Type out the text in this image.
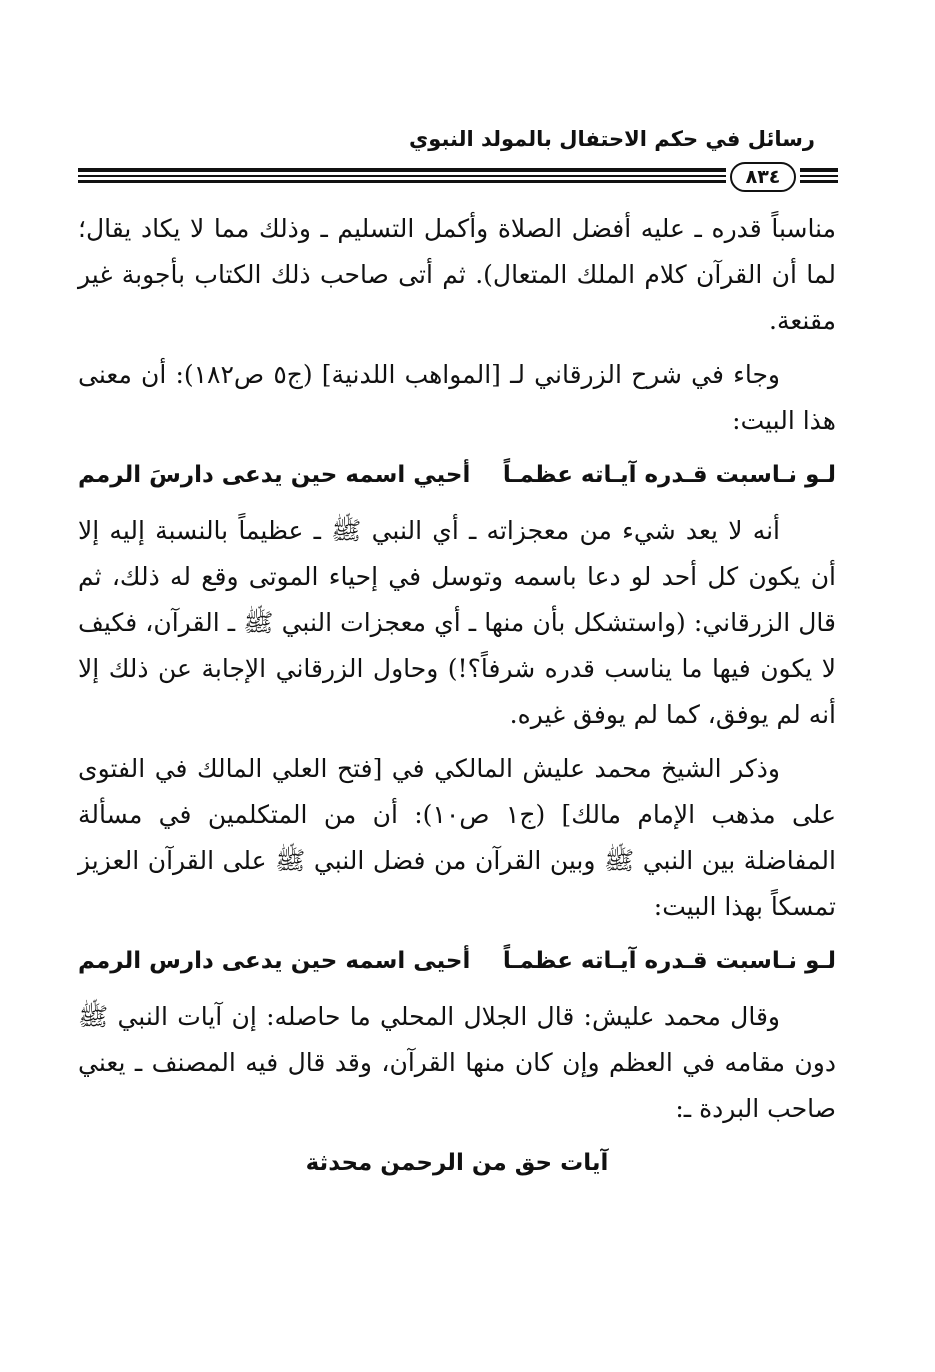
رسائل في حكم الاحتفال بالمولد النبوي
٨٣٤

مناسباً قدره ـ عليه أفضل الصلاة وأكمل التسليم ـ وذلك مما لا يكاد يقال؛ لما أن القرآن كلام الملك المتعال). ثم أتى صاحب ذلك الكتاب بأجوبة غير مقنعة.

وجاء في شرح الزرقاني لـ [المواهب اللدنية] (ج٥ ص١٨٢): أن معنى هذا البيت:

لـو نـاسبت قـدره آيـاته عظمـاً
أحيي اسمه حين يدعى دارسَ الرمم

أنه لا يعد شيء من معجزاته ـ أي النبي ﷺ ـ عظيماً بالنسبة إليه إلا أن يكون كل أحد لو دعا باسمه وتوسل في إحياء الموتى وقع له ذلك، ثم قال الزرقاني: (واستشكل بأن منها ـ أي معجزات النبي ﷺ ـ القرآن، فكيف لا يكون فيها ما يناسب قدره شرفاً؟!) وحاول الزرقاني الإجابة عن ذلك إلا أنه لم يوفق، كما لم يوفق غيره.

وذكر الشيخ محمد عليش المالكي في [فتح العلي المالك في الفتوى على مذهب الإمام مالك] (ج١ ص١٠): أن من المتكلمين في مسألة المفاضلة بين النبي ﷺ وبين القرآن من فضل النبي ﷺ على القرآن العزيز تمسكاً بهذا البيت:

لـو نـاسبت قـدره آيـاته عظمـاً
أحيى اسمه حين يدعى دارس الرمم

وقال محمد عليش: قال الجلال المحلي ما حاصله: إن آيات النبي ﷺ دون مقامه في العظم وإن كان منها القرآن، وقد قال فيه المصنف ـ يعني صاحب البردة ـ:

آيات حق من الرحمن محدثة
